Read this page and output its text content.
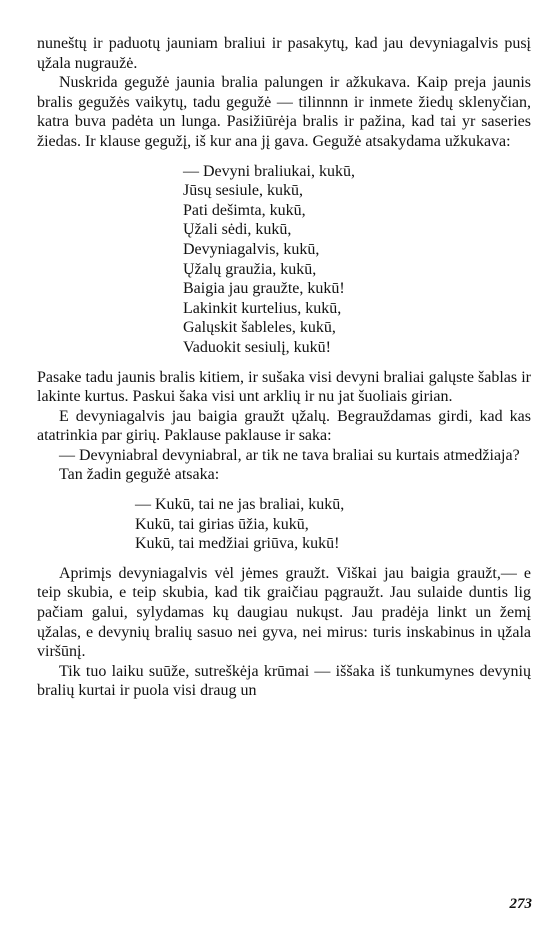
nuneštų ir paduotų jauniam braliui ir pasakytų, kad jau devyniagalvis pusį ųžala nugraužė.

Nuskrida gegužė jaunia bralia palungen ir ažkukava. Kaip preja jaunis bralis gegužės vaikytų, tadu gegužė — tilinnnn ir inmete žiedų sklenyčian, katra buva padėta un lunga. Pasižiūrėja bralis ir pažina, kad tai yr saseries žiedas. Ir klause gegužį, iš kur ana jį gava. Gegužė atsakydama užkukava:

— Devyni braliukai, kukū,
Jūsų sesiule, kukū,
Pati dešimta, kukū,
Ųžali sėdi, kukū,
Devyniagalvis, kukū,
Ųžalų graužia, kukū,
Baigia jau graužte, kukū!
Lakinkit kurtelius, kukū,
Galųskit šableles, kukū,
Vaduokit sesiulį, kukū!

Pasake tadu jaunis bralis kitiem, ir sušaka visi devyni braliai galųste šablas ir lakinte kurtus. Paskui šaka visi unt arklių ir nu jat šuoliais girian.

E devyniagalvis jau baigia graužt ųžalų. Begrauždamas girdi, kad kas atatrinkia par girių. Paklause paklause ir saka:

— Devyniabral devyniabral, ar tik ne tava braliai su kurtais atmedžiaja?

Tan žadin gegužė atsaka:

— Kukū, tai ne jas braliai, kukū,
Kukū, tai girias ūžia, kukū,
Kukū, tai medžiai griūva, kukū!

Aprimįs devyniagalvis vėl jėmes graužt. Viškai jau baigia graužt,— e teip skubia, e teip skubia, kad tik graičiau pągraužt. Jau sulaide duntis lig pačiam galui, sylydamas kų daugiau nukųst. Jau pradėja linkt un žemį ųžalas, e devynių bralių sasuo nei gyva, nei mirus: turis inskabinus in ųžala viršūnį.

Tik tuo laiku suūže, sutreškėja krūmai — iššaka iš tunkumynes devynių bralių kurtai ir puola visi draug un

273
